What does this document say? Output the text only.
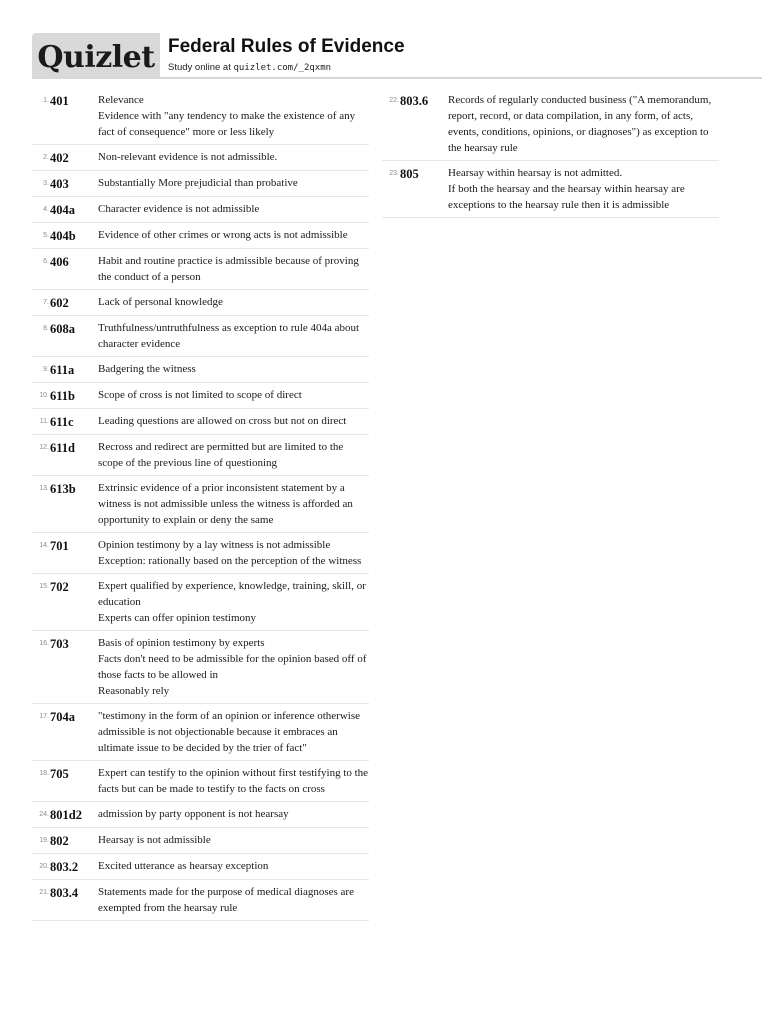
Quizlet Federal Rules of Evidence
Study online at quizlet.com/_2qxmn
1. 401	Relevance
Evidence with "any tendency to make the existence of any fact of consequence" more or less likely
2. 402	Non-relevant evidence is not admissible.
3. 403	Substantially More prejudicial than probative
4. 404a	Character evidence is not admissible
5. 404b	Evidence of other crimes or wrong acts is not admissible
6. 406	Habit and routine practice is admissible because of proving the conduct of a person
7. 602	Lack of personal knowledge
8. 608a	Truthfulness/untruthfulness as exception to rule 404a about character evidence
9. 611a	Badgering the witness
10. 611b	Scope of cross is not limited to scope of direct
11. 611c	Leading questions are allowed on cross but not on direct
12. 611d	Recross and redirect are permitted but are limited to the scope of the previous line of questioning
13. 613b	Extrinsic evidence of a prior inconsistent statement by a witness is not admissible unless the witness is afforded an opportunity to explain or deny the same
14. 701	Opinion testimony by a lay witness is not admissible
Exception: rationally based on the perception of the witness
15. 702	Expert qualified by experience, knowledge, training, skill, or education
Experts can offer opinion testimony
16. 703	Basis of opinion testimony by experts
Facts don't need to be admissible for the opinion based off of those facts to be allowed in
Reasonably rely
17. 704a	"testimony in the form of an opinion or inference otherwise admissible is not objectionable because it embraces an ultimate issue to be decided by the trier of fact"
18. 705	Expert can testify to the opinion without first testifying to the facts but can be made to testify to the facts on cross
24. 801d2	admission by party opponent is not hearsay
19. 802	Hearsay is not admissible
20. 803.2	Excited utterance as hearsay exception
21. 803.4	Statements made for the purpose of medical diagnoses are exempted from the hearsay rule
22. 803.6	Records of regularly conducted business ("A memorandum, report, record, or data compilation, in any form, of acts, events, conditions, opinions, or diagnoses") as exception to the hearsay rule
23. 805	Hearsay within hearsay is not admitted.
If both the hearsay and the hearsay within hearsay are exceptions to the hearsay rule then it is admissible
